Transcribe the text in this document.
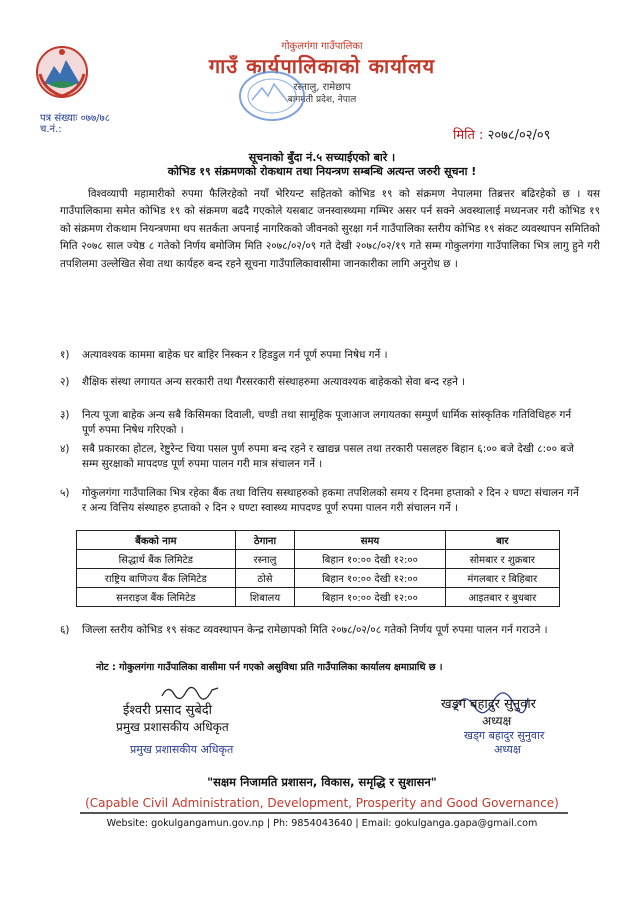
गोकुलगंगा गाउँपालिका
गाउँ कार्यपालिकाको कार्यालय
रस्नालु, रामेछाप
बागमती प्रदेश, नेपाल
पत्र संख्याः ०७७/७८
च.नं.:	मिति : २०७८/०२/०९
सूचनाको बुँदा नं.५ सच्याईएको बारे ।
कोभिड १९ संक्रमणको रोकथाम तथा नियन्त्रण सम्बन्धि अत्यन्त जरुरी सूचना !
विश्वव्यापी महामारीको रुपमा फैलिरहेको नयाँ भेरियन्ट सहितको कोभिड १९ को संक्रमण नेपालमा तिब्रत्तर बढिरहेको छ । यस गाउँपालिकामा समेत कोभिड १९ को संक्रमण बढदै गएकोले यसबाट जनस्वास्थ्यमा गम्भिर असर पर्न सक्ने अवस्थालाई मध्यनजर गरी कोभिड १९ को संक्रमण रोकथाम नियन्त्रणमा थप सतर्कता अपनाई नागरिकको जीवनको सुरक्षा गर्न गाउँपालिका स्तरीय कोभिड १९ संकट व्यवस्थापन समितिको मिति २०७८ साल ज्येष्ठ ८ गतेको निर्णय बमोजिम मिति २०७८/०२/०९ गते देखी २०७८/०२/१९ गते सम्म गोकुलगंगा गाउँपालिका भित्र लागु हुने गरी तपशिलमा उल्लेखित सेवा तथा कार्यहरु बन्द रहने सूचना गाउँपालिकावासीमा जानकारीका लागि अनुरोध छ ।
१)	अत्यावश्यक काममा बाहेक घर बाहिर निस्कन र हिडडुल गर्न पूर्ण रुपमा निषेध गर्ने ।
२)	शैक्षिक संस्था लगायत अन्य सरकारी तथा गैरसरकारी संस्थाहरुमा अत्यावश्यक बाहेकको सेवा बन्द रहने ।
३)	नित्य पूजा बाहेक अन्य सबै किसिमका दिवाली, चण्डी तथा सामूहिक पूजाआज लगायतका सम्पुर्ण धार्मिक सांस्कृतिक गतिविधिहरु गर्न पूर्ण रुपमा निषेध गरिएको ।
४)	सबै प्रकारका होटल, रेष्टुरेन्ट चिया पसल पुर्ण रुपमा बन्द रहने र खाद्यन्न पसल तथा तरकारी पसलहरु बिहान ६:०० बजे देखी ८:०० बजे सम्म सुरक्षाको मापदण्ड पूर्ण रुपमा पालन गरी मात्र संचालन गर्ने ।
५)	गोकुलगंगा गाउँपालिका भित्र रहेका बैंक तथा वित्तिय सस्थाहरुको हकमा तपशिलको समय र दिनमा हप्ताको २ दिन २ घण्टा संचालन गर्ने र अन्य वित्तिय संस्थाहरु हप्ताको २ दिन २ घण्टा स्वास्थ्य मापदण्ड पूर्ण रुपमा पालन गरी संचालन गर्ने ।
बैंकको नाम	ठेगाना	समय	बार
सिद्धार्थ बैंक लिमिटेड	रस्नालु	बिहान १०:०० देखी १२:००	सोमबार र शुक्रबार
राष्ट्रिय बाणिज्य बैंक लिमिटेड	ठोसे	बिहान १०:०० देखी १२:००	मंगलबार र बिहिबार
सनराइज बैंक लिमिटेड	शिबालय	बिहान १०:०० देखी १२:००	आइतबार र बुधबार
६)	जिल्ला स्तरीय कोभिड १९ संकट व्यवस्थापन केन्द्र रामेछापको मिति २०७८/०२/०८ गतेको निर्णय पूर्ण रुपमा पालन गर्न गराउने ।
नोट : गोकुलगंगा गाउँपालिका वासीमा पर्न गएको असुविधा प्रति गाउँपालिका कार्यालय क्षमाप्राथि छ ।
ईश्वरी प्रसाद सुबेदी
प्रमुख प्रशासकीय अधिकृत
प्रमुख प्रशासकीय अधिकृत
खड्ग बहादुर सुनुवार
अध्यक्ष
खड्ग बहादुर सुनुवार
अध्यक्ष
"सक्षम निजामति प्रशासन, विकास, समृद्धि र सुशासन"
(Capable Civil Administration, Development, Prosperity and Good Governance)
Website: gokulgangamun.gov.np | Ph: 9854043640 | Email: gokulganga.gapa@gmail.com
